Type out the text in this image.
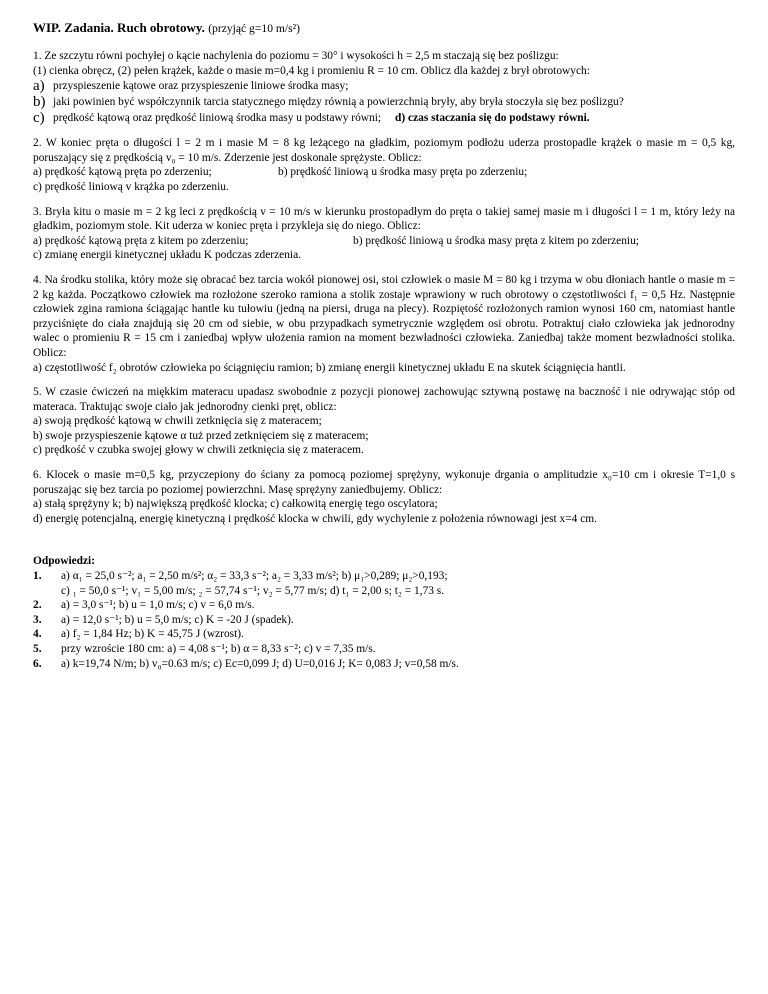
WIP. Zadania. Ruch obrotowy. (przyjąć g=10 m/s²)

1. Ze szczytu równi pochyłej o kącie nachylenia do poziomu = 30° i wysokości h = 2,5 m staczają się bez poślizgu:

(1) cienka obręcz, (2) pełen krążek, każde o masie m=0,4 kg i promieniu R = 10 cm. Oblicz dla każdej z brył obrotowych:

a) przyspieszenie kątowe oraz przyspieszenie liniowe środka masy;
b) jaki powinien być współczynnik tarcia statycznego między równią a powierzchnią bryły, aby bryła stoczyła się bez poślizgu?
c) prędkość kątową oraz prędkość liniową środka masy u podstawy równi;	d) czas staczania się do podstawy równi.

2. W koniec pręta o długości l = 2 m i masie M = 8 kg leżącego na gładkim, poziomym podłożu uderza prostopadle krążek o masie m = 0,5 kg, poruszający się z prędkością v₀ = 10 m/s. Zderzenie jest doskonale sprężyste. Oblicz:

a) prędkość kątową pręta po zderzeniu;	b) prędkość liniową u środka masy pręta po zderzeniu;

c) prędkość liniową v krążka po zderzeniu.

3. Bryła kitu o masie m = 2 kg leci z prędkością v = 10 m/s w kierunku prostopadłym do pręta o takiej samej masie m i długości l = 1 m, który leży na gładkim, poziomym stole. Kit uderza w koniec pręta i przykleja się do niego. Oblicz:

a) prędkość kątową pręta z kitem po zderzeniu;	b) prędkość liniową u środka masy pręta z kitem po zderzeniu;

c) zmianę energii kinetycznej układu K podczas zderzenia.

4. Na środku stolika, który może się obracać bez tarcia wokół pionowej osi, stoi człowiek o masie M = 80 kg i trzyma w obu dłoniach hantle o masie m = 2 kg każda. Początkowo człowiek ma rozłożone szeroko ramiona a stolik zostaje wprawiony w ruch obrotowy o częstotliwości f₁ = 0,5 Hz. Następnie człowiek zgina ramiona ściągając hantle ku tułowiu (jedną na piersi, druga na plecy). Rozpiętość rozłożonych ramion wynosi 160 cm, natomiast hantle przyciśnięte do ciała znajdują się 20 cm od siebie, w obu przypadkach symetrycznie względem osi obrotu. Potraktuj ciało człowieka jak jednorodny walec o promieniu R = 15 cm i zaniedbaj wpływ ułożenia ramion na moment bezwładności człowieka. Zaniedbaj także moment bezwładności stolika. Oblicz:

a) częstotliwość f₂ obrotów człowieka po ściągnięciu ramion; b) zmianę energii kinetycznej układu E na skutek ściągnięcia hantli.

5. W czasie ćwiczeń na miękkim materacu upadasz swobodnie z pozycji pionowej zachowując sztywną postawę na baczność i nie odrywając stóp od materaca. Traktując swoje ciało jak jednorodny cienki pręt, oblicz:

a) swoją prędkość kątową w chwili zetknięcia się z materacem;

b) swoje przyspieszenie kątowe α tuż przed zetknięciem się z materacem;

c) prędkość v czubka swojej głowy w chwili zetknięcia się z materacem.

6. Klocek o masie m=0,5 kg, przyczepiony do ściany za pomocą poziomej sprężyny, wykonuje drgania o amplitudzie x₀=10 cm i okresie T=1,0 s poruszając się bez tarcia po poziomej powierzchni. Masę sprężyny zaniedbujemy. Oblicz:

a) stałą sprężyny k; b) największą prędkość klocka; c) całkowitą energię tego oscylatora;

d) energię potencjalną, energię kinetyczną i prędkość klocka w chwili, gdy wychylenie z położenia równowagi jest x=4 cm.

Odpowiedzi:
1.	a) α₁ = 25,0 s⁻²; a₁ = 2,50 m/s²; α₂ = 33,3 s⁻²; a₂ = 3,33 m/s²; b) μ₁>0,289; μ₂>0,193;
c) ₁ = 50,0 s⁻¹; v₁ = 5,00 m/s; ₂ = 57,74 s⁻¹; v₂ = 5,77 m/s; d) t₁ = 2,00 s; t₂ = 1,73 s.
2.	a) = 3,0 s⁻¹; b) u = 1,0 m/s; c) v = 6,0 m/s.
3.	a) = 12,0 s⁻¹; b) u = 5,0 m/s; c) K = -20 J (spadek).
4.	a) f₂ = 1,84 Hz; b) K = 45,75 J (wzrost).
5.	przy wzroście 180 cm: a) = 4,08 s⁻¹; b) α = 8,33 s⁻²; c) v = 7,35 m/s.
6.	a) k=19,74 N/m; b) v₀=0.63 m/s; c) Ec=0,099 J; d) U=0,016 J; K= 0,083 J; v=0,58 m/s.
